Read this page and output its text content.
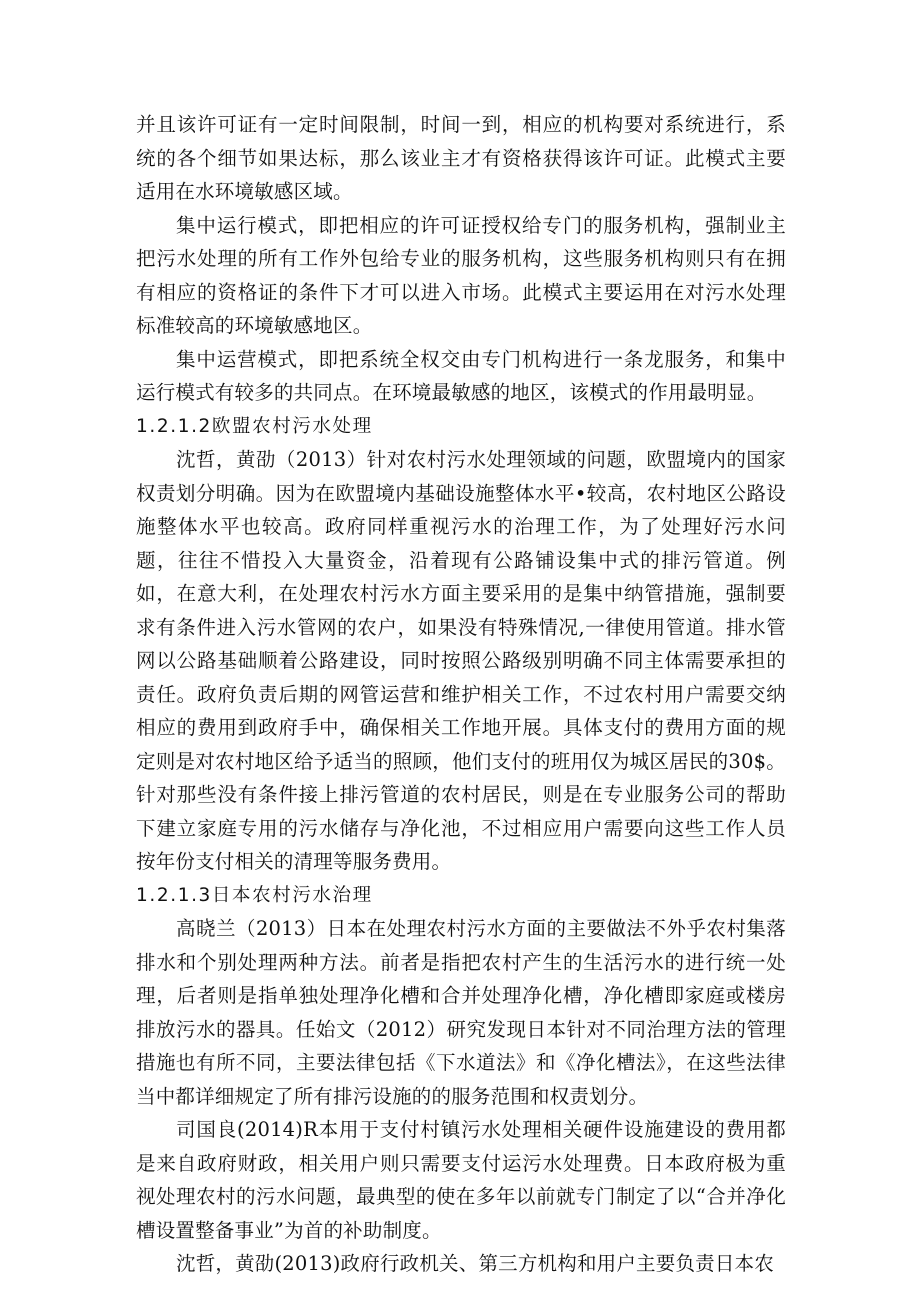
并且该许可证有一定时间限制，时间一到，相应的机构要对系统进行，系统的各个细节如果达标，那么该业主才有资格获得该许可证。此模式主要适用在水环境敏感区域。

集中运行模式，即把相应的许可证授权给专门的服务机构，强制业主把污水处理的所有工作外包给专业的服务机构，这些服务机构则只有在拥有相应的资格证的条件下才可以进入市场。此模式主要运用在对污水处理标准较高的环境敏感地区。

集中运营模式，即把系统全权交由专门机构进行一条龙服务，和集中运行模式有较多的共同点。在环境最敏感的地区，该模式的作用最明显。

1.2.1.2欧盟农村污水处理

沈哲，黄劭（2013）针对农村污水处理领域的问题，欧盟境内的国家权责划分明确。因为在欧盟境内基础设施整体水平•较高，农村地区公路设施整体水平也较高。政府同样重视污水的治理工作，为了处理好污水问题，往往不惜投入大量资金，沿着现有公路铺设集中式的排污管道。例如，在意大利，在处理农村污水方面主要采用的是集中纳管措施，强制要求有条件进入污水管网的农户，如果没有特殊情况,一律使用管道。排水管网以公路基础顺着公路建设，同时按照公路级别明确不同主体需要承担的责任。政府负责后期的网管运营和维护相关工作，不过农村用户需要交纳相应的费用到政府手中，确保相关工作地开展。具体支付的费用方面的规定则是对农村地区给予适当的照顾，他们支付的班用仅为城区居民的30$。针对那些没有条件接上排污管道的农村居民，则是在专业服务公司的帮助下建立家庭专用的污水储存与净化池，不过相应用户需要向这些工作人员按年份支付相关的清理等服务费用。

1.2.1.3日本农村污水治理

高晓兰（2013）日本在处理农村污水方面的主要做法不外乎农村集落排水和个别处理两种方法。前者是指把农村产生的生活污水的进行统一处理，后者则是指单独处理净化槽和合并处理净化槽，净化槽即家庭或楼房排放污水的器具。任始文（2012）研究发现日本针对不同治理方法的管理措施也有所不同，主要法律包括《下水道法》和《净化槽法》，在这些法律当中都详细规定了所有排污设施的的服务范围和权责划分。

司国良(2014)R本用于支付村镇污水处理相关硬件设施建设的费用都是来自政府财政，相关用户则只需要支付运污水处理费。日本政府极为重视处理农村的污水问题，最典型的使在多年以前就专门制定了以“合并净化槽设置整备事业”为首的补助制度。

沈哲，黄劭(2013)政府行政机关、第三方机构和用户主要负责日本农
